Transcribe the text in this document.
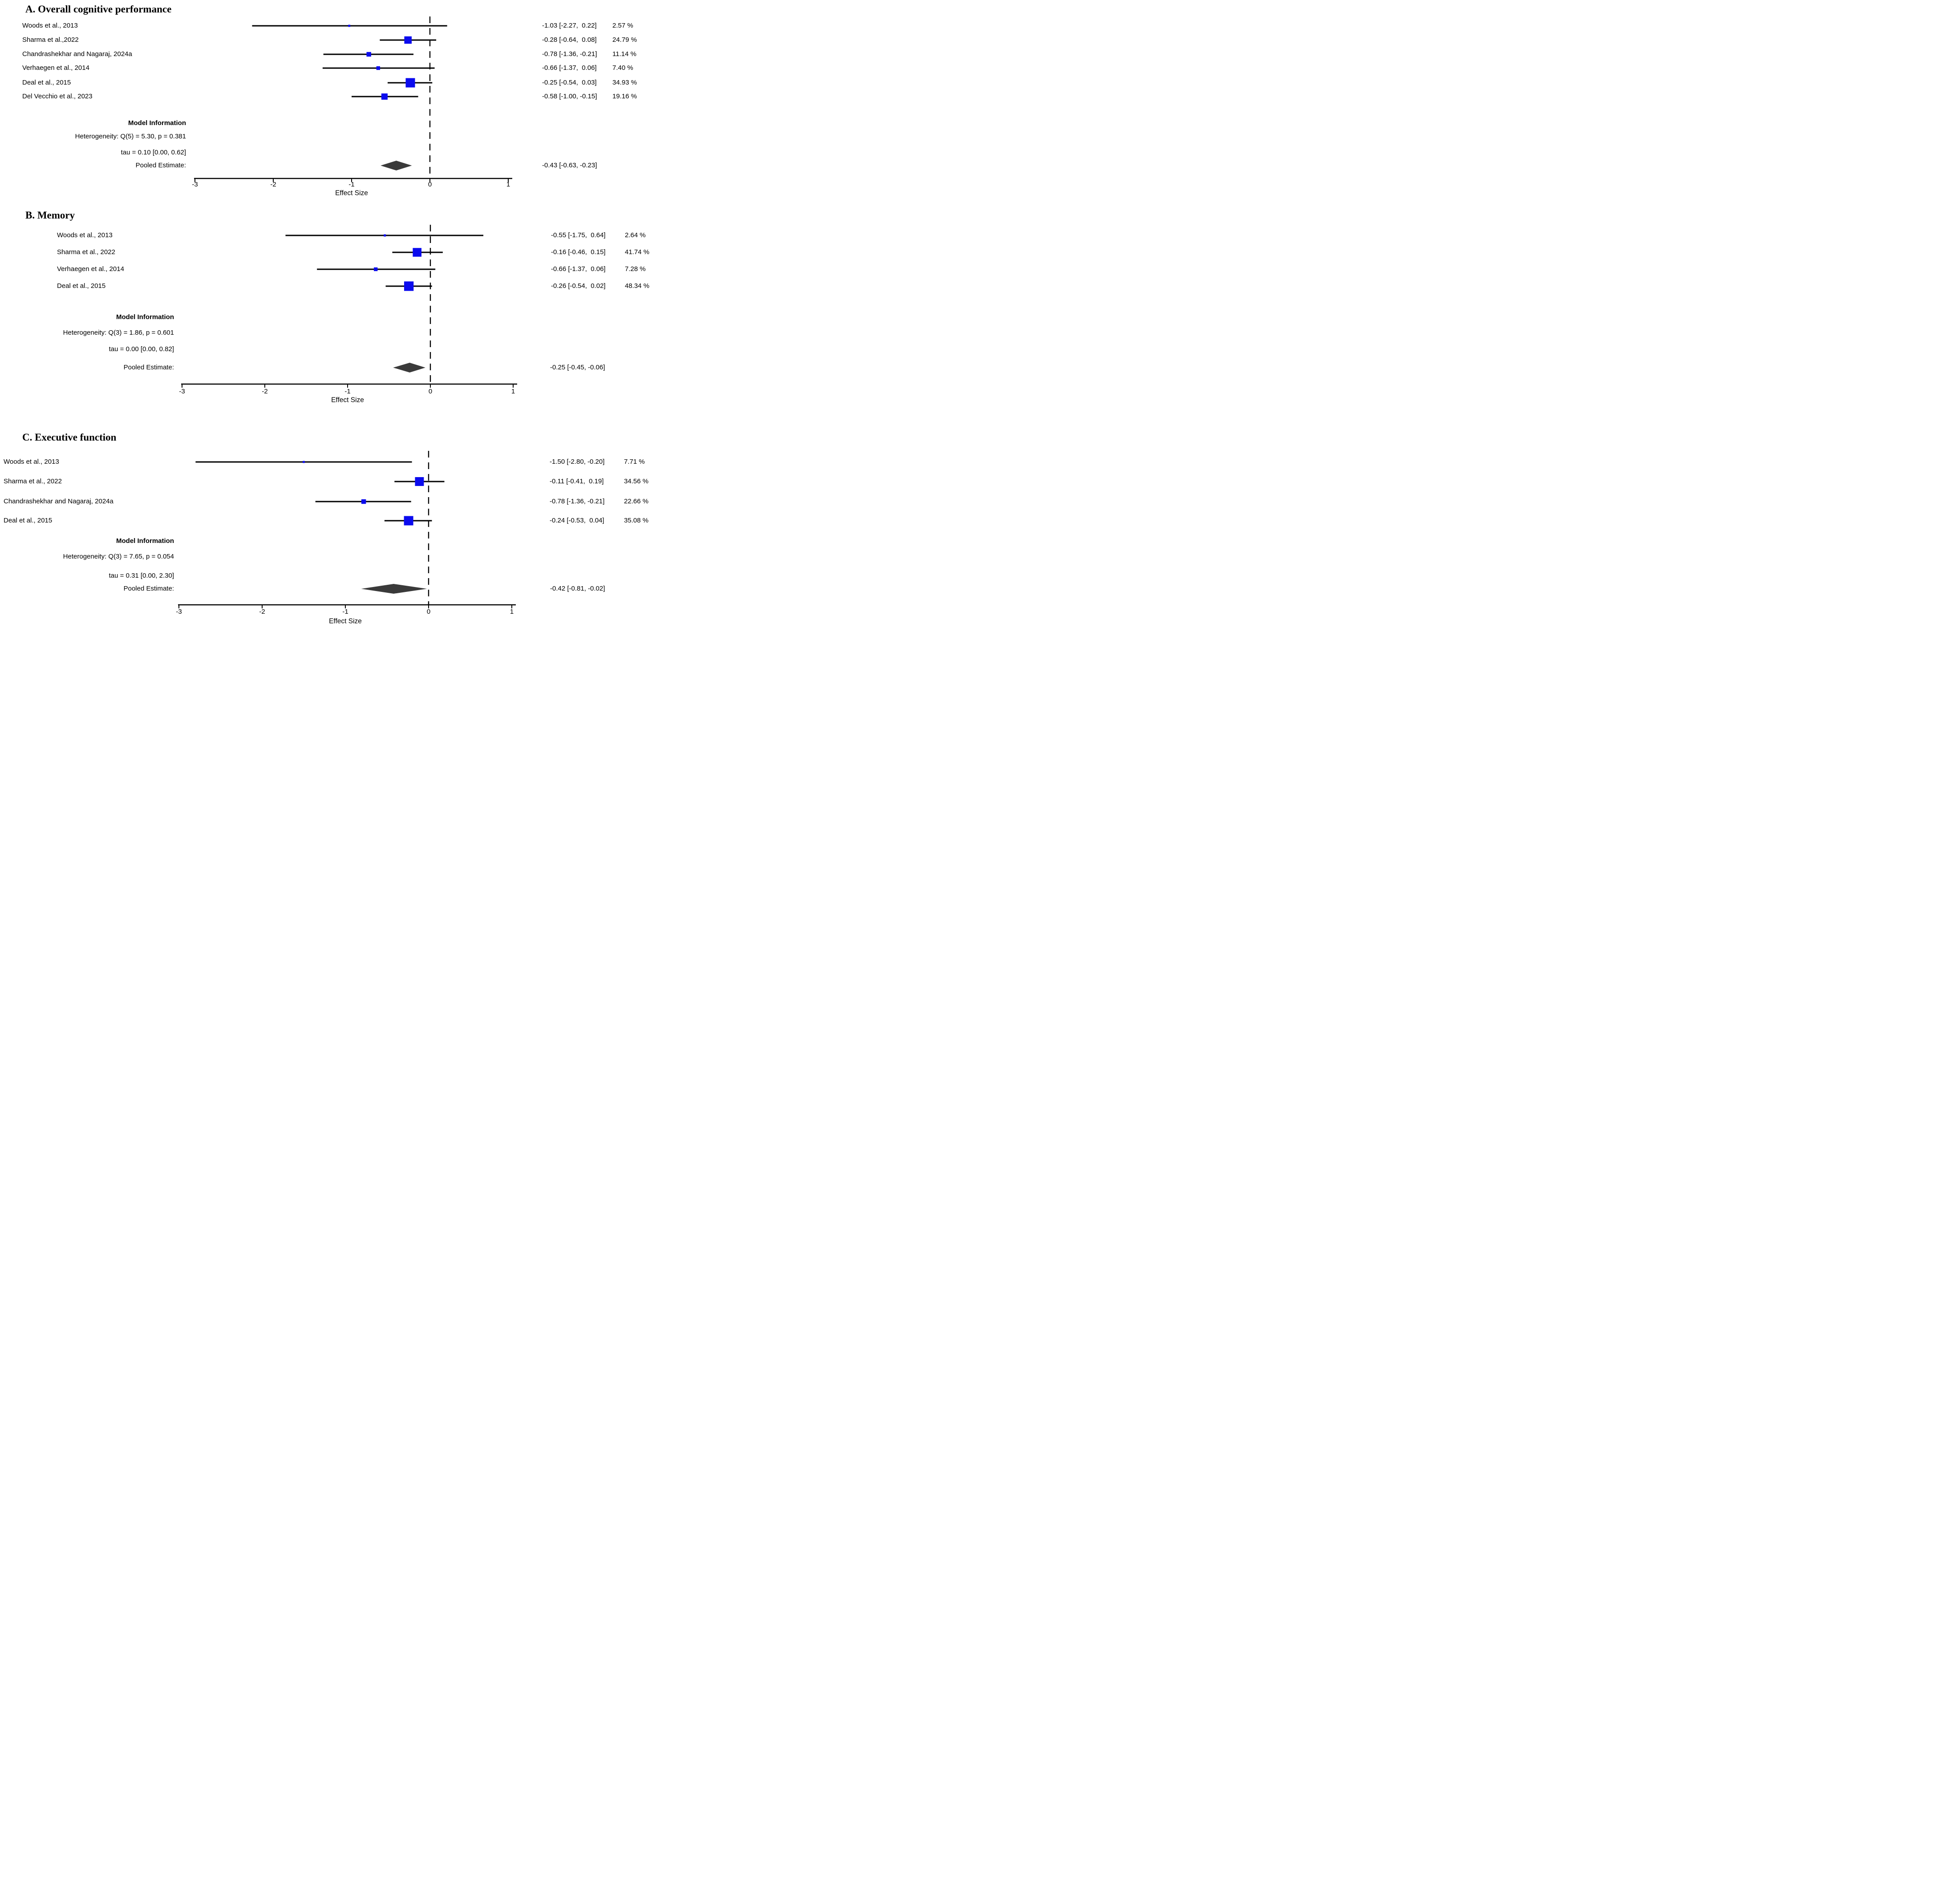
Woods et al., 2013	-1.03 [-2.27,  0.22] 2.57 %
Sharma et al.,2022	-0.28 [-0.64,  0.08] 24.79 %
Chandrashekhar and Nagaraj, 2024a	-0.78 [-1.36, -0.21] 11.14 %
Verhaegen et al., 2014	-0.66 [-1.37,  0.06] 7.40 %
Deal et al., 2015	-0.25 [-0.54,  0.03] 34.93 %
Del Vecchio et al., 2023	-0.58 [-1.00, -0.15] 19.16 %
-3	-2	-1	0	1
Woods et al., 2013	-0.55 [-1.75,  0.64]	2.64 %
Sharma et al., 2022	-0.16 [-0.46,  0.15]	41.74 %
Verhaegen et al., 2014	-0.66 [-1.37,  0.06]	7.28 %
Deal et al., 2015	-0.26 [-0.54,  0.02]	48.34 %
-3	-2	-1	0	1
Woods et al., 2013	-1.50 [-2.80, -0.20]	7.71 %
Sharma et al., 2022	-0.11 [-0.41,  0.19]	34.56 %
Chandrashekhar and Nagaraj, 2024a	-0.78 [-1.36, -0.21]	22.66 %
Deal et al., 2015	-0.24 [-0.53,  0.04]	35.08 %
-3	-2	-1	0	1
A. Overall cognitive performance
Model Information
Heterogeneity: Q(5) = 5.30, p = 0.381
tau = 0.10 [0.00, 0.62]
Pooled Estimate:	-0.43 [-0.63, -0.23]
Effect Size
B. Memory
Model Information
Heterogeneity: Q(3) = 1.86, p = 0.601
tau = 0.00 [0.00, 0.82]
Pooled Estimate:	-0.25 [-0.45, -0.06]
Effect Size
C. Executive function
Model Information
Heterogeneity: Q(3) = 7.65, p = 0.054
tau = 0.31 [0.00, 2.30]
Pooled Estimate:	-0.42 [-0.81, -0.02]
Effect Size
